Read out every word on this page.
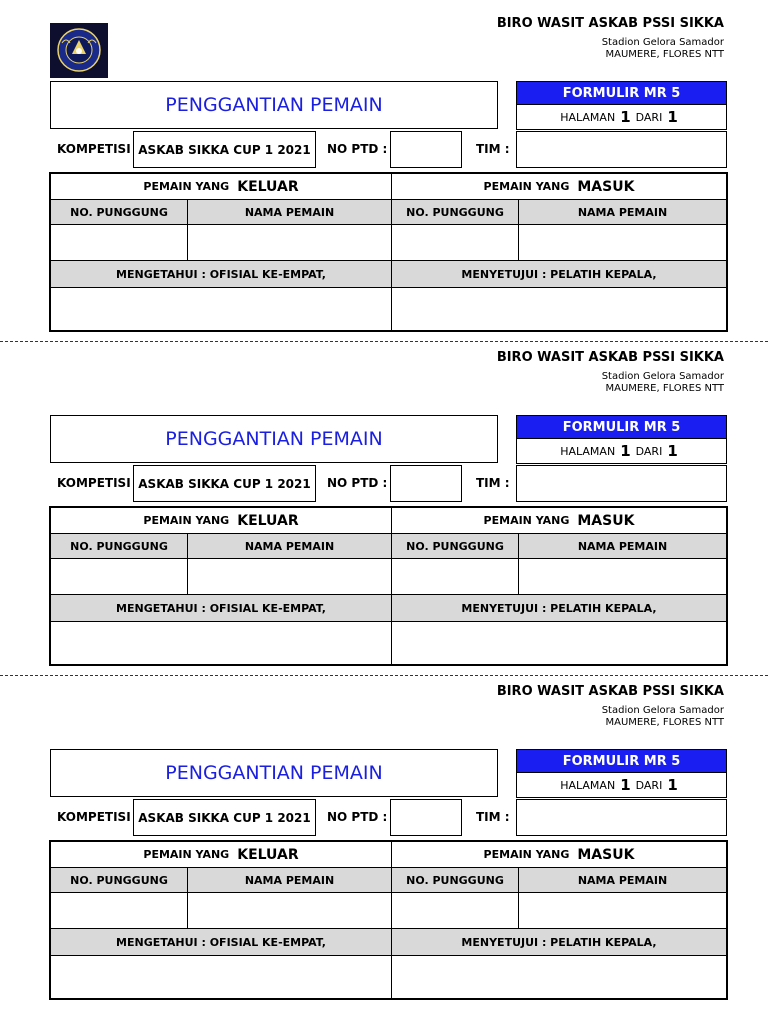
BIRO WASIT ASKAB PSSI SIKKA
Stadion Gelora Samador
MAUMERE, FLORES NTT
PENGGANTIAN PEMAIN
FORMULIR MR 5
HALAMAN 1 DARI 1
KOMPETISI ASKAB SIKKA CUP 1 2021	NO PTD :	TIM :
PEMAIN YANG KELUAR	PEMAIN YANG MASUK
NO. PUNGGUNG	NAMA PEMAIN	NO. PUNGGUNG	NAMA PEMAIN
MENGETAHUI : OFISIAL KE-EMPAT,	MENYETUJUI : PELATIH KEPALA,
BIRO WASIT ASKAB PSSI SIKKA
Stadion Gelora Samador
MAUMERE, FLORES NTT
PENGGANTIAN PEMAIN
FORMULIR MR 5
HALAMAN 1 DARI 1
KOMPETISI ASKAB SIKKA CUP 1 2021	NO PTD :	TIM :
PEMAIN YANG KELUAR	PEMAIN YANG MASUK
NO. PUNGGUNG	NAMA PEMAIN	NO. PUNGGUNG	NAMA PEMAIN
MENGETAHUI : OFISIAL KE-EMPAT,	MENYETUJUI : PELATIH KEPALA,
BIRO WASIT ASKAB PSSI SIKKA
Stadion Gelora Samador
MAUMERE, FLORES NTT
PENGGANTIAN PEMAIN
FORMULIR MR 5
HALAMAN 1 DARI 1
KOMPETISI ASKAB SIKKA CUP 1 2021	NO PTD :	TIM :
PEMAIN YANG KELUAR	PEMAIN YANG MASUK
NO. PUNGGUNG	NAMA PEMAIN	NO. PUNGGUNG	NAMA PEMAIN
MENGETAHUI : OFISIAL KE-EMPAT,	MENYETUJUI : PELATIH KEPALA,
